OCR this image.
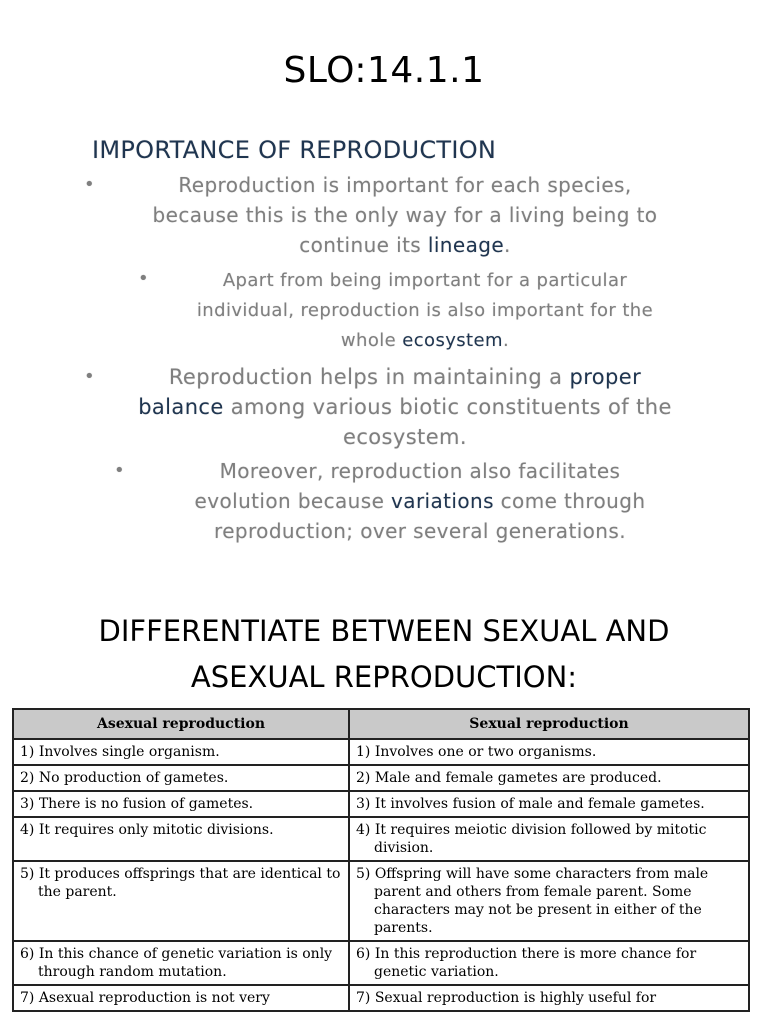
SLO:14.1.1
IMPORTANCE OF REPRODUCTION
•	Reproduction is important for each species,
because this is the only way for a living being to
continue its lineage.
•	Apart from being important for a particular
individual, reproduction is also important for the
whole ecosystem.
•	Reproduction helps in maintaining a proper
balance among various biotic constituents of the
ecosystem.
•	Moreover, reproduction also facilitates
evolution because variations come through
reproduction; over several generations.
DIFFERENTIATE BETWEEN SEXUAL AND
ASEXUAL REPRODUCTION:
Asexual reproduction	Sexual reproduction

1) Involves single organism.	1) Involves one or two organisms.

2) No production of gametes.	2) Male and female gametes are produced.

3) There is no fusion of gametes.	3) It involves fusion of male and female gametes.

4) It requires only mitotic divisions.	4) It requires meiotic division followed by mitotic division.

5) It produces offsprings that are identical to the parent.	5) Offspring will have some characters from male parent and others from female parent. Some characters may not be present in either of the parents.

6) In this chance of genetic variation is only through random mutation.	6) In this reproduction there is more chance for genetic variation.

7) Asexual reproduction is not very	7) Sexual reproduction is highly useful for
